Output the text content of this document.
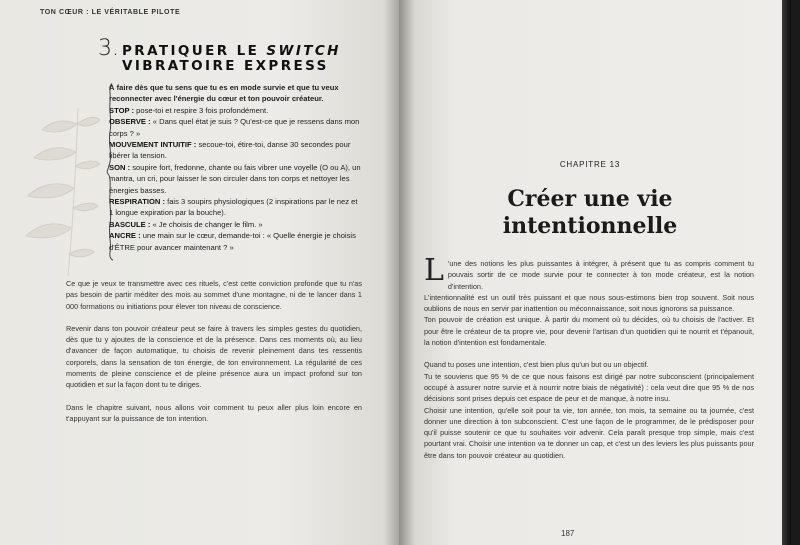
TON CŒUR : LE VÉRITABLE PILOTE
3. PRATIQUER LE SWITCH
VIBRATOIRE EXPRESS

À faire dès que tu sens que tu es en mode survie et que tu veux reconnecter avec l'énergie du cœur et ton pouvoir créateur.

STOP : pose-toi et respire 3 fois profondément.

OBSERVE : « Dans quel état je suis ? Qu'est-ce que je ressens dans mon corps ? »

MOUVEMENT INTUITIF : secoue-toi, étire-toi, danse 30 secondes pour libérer la tension.

SON : soupire fort, fredonne, chante ou fais vibrer une voyelle (O ou A), un mantra, un cri, pour laisser le son circuler dans ton corps et nettoyer les énergies basses.

RESPIRATION : fais 3 soupirs physiologiques (2 inspirations par le nez et 1 longue expiration par la bouche).

BASCULE : « Je choisis de changer le film. »

ANCRE : une main sur le cœur, demande-toi : « Quelle énergie je choisis d'ÊTRE pour avancer maintenant ? »

Ce que je veux te transmettre avec ces rituels, c'est cette conviction profonde que tu n'as pas besoin de partir méditer des mois au sommet d'une montagne, ni de te lancer dans 1 000 formations ou initiations pour élever ton niveau de conscience.

Revenir dans ton pouvoir créateur peut se faire à travers les simples gestes du quotidien, dès que tu y ajoutes de la conscience et de la présence. Dans ces moments où, au lieu d'avancer de façon automatique, tu choisis de revenir pleinement dans tes ressentis corporels, dans la sensation de ton énergie, de ton environnement. La régularité de ces moments de pleine conscience et de pleine présence aura un impact profond sur ton quotidien et sur la façon dont tu te diriges.

Dans le chapitre suivant, nous allons voir comment tu peux aller plus loin encore en t'appuyant sur la puissance de ton intention.

CHAPITRE 13
Créer une vie
intentionnelle

L 'une des notions les plus puissantes à intégrer, à présent que tu as compris comment tu pouvais sortir de ce mode survie pour te connecter à ton mode créateur, est la notion d'intention.

L'intentionnalité est un outil très puissant et que nous sous-estimons bien trop souvent. Soit nous oublions de nous en servir par inattention ou méconnaissance, soit nous ignorons sa puissance.

Ton pouvoir de création est unique. À partir du moment où tu décides, où tu choisis de l'activer. Et pour être le créateur de ta propre vie, pour devenir l'artisan d'un quotidien qui te nourrit et t'épanouit, la notion d'intention est fondamentale.

Quand tu poses une intention, c'est bien plus qu'un but ou un objectif.

Tu te souviens que 95 % de ce que nous faisons est dirigé par notre subconscient (principalement occupé à assurer notre survie et à nourrir notre biais de négativité) : cela veut dire que 95 % de nos décisions sont prises depuis cet espace de peur et de manque, à notre insu.

Choisir une intention, qu'elle soit pour ta vie, ton année, ton mois, ta semaine ou ta journée, c'est donner une direction à ton subconscient. C'est une façon de le programmer, de le prédisposer pour qu'il puisse soutenir ce que tu souhaites voir advenir. Cela paraît presque trop simple, mais c'est pourtant vrai. Choisir une intention va te donner un cap, et c'est un des leviers les plus puissants pour être dans ton pouvoir créateur au quotidien.

187
